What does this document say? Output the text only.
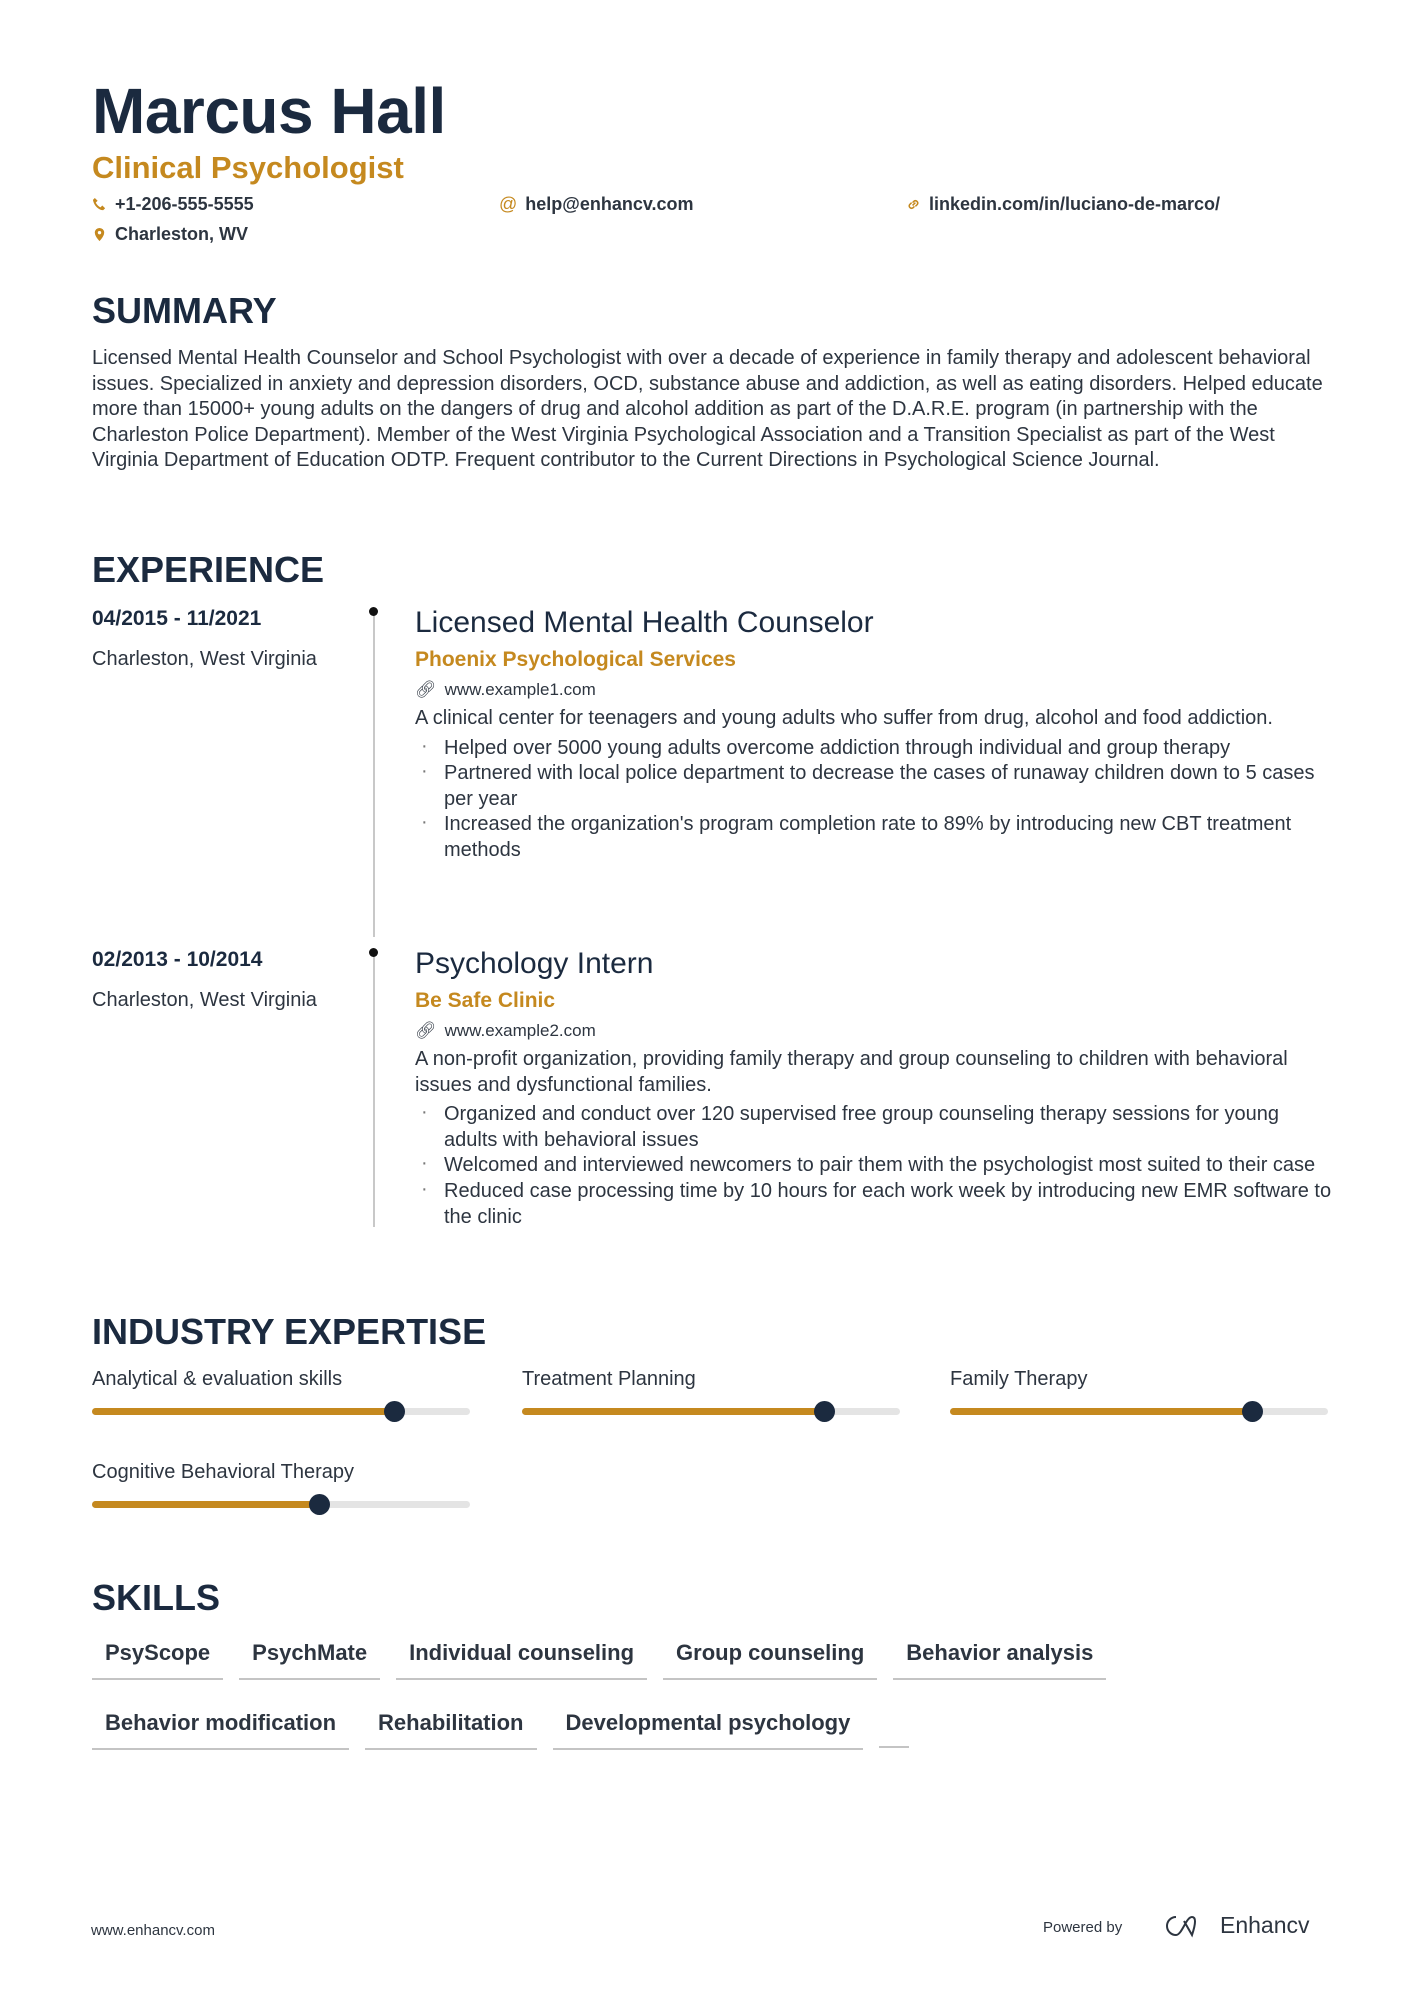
Marcus Hall
Clinical Psychologist
+1-206-555-5555	@ help@enhancv.com	linkedin.com/in/luciano-de-marco/
Charleston, WV
SUMMARY
Licensed Mental Health Counselor and School Psychologist with over a decade of experience in family therapy and adolescent behavioral issues. Specialized in anxiety and depression disorders, OCD, substance abuse and addiction, as well as eating disorders. Helped educate more than 15000+ young adults on the dangers of drug and alcohol addition as part of the D.A.R.E. program (in partnership with the Charleston Police Department). Member of the West Virginia Psychological Association and a Transition Specialist as part of the West Virginia Department of Education ODTP. Frequent contributor to the Current Directions in Psychological Science Journal.
EXPERIENCE
04/2015 - 11/2021
Charleston, West Virginia
Licensed Mental Health Counselor
Phoenix Psychological Services
🔗︎ www.example1.com
A clinical center for teenagers and young adults who suffer from drug, alcohol and food addiction.
· Helped over 5000 young adults overcome addiction through individual and group therapy
· Partnered with local police department to decrease the cases of runaway children down to 5 cases per year
· Increased the organization's program completion rate to 89% by introducing new CBT treatment methods
02/2013 - 10/2014
Charleston, West Virginia
Psychology Intern
Be Safe Clinic
🔗︎ www.example2.com
A non-profit organization, providing family therapy and group counseling to children with behavioral issues and dysfunctional families.
· Organized and conduct over 120 supervised free group counseling therapy sessions for young adults with behavioral issues
· Welcomed and interviewed newcomers to pair them with the psychologist most suited to their case
· Reduced case processing time by 10 hours for each work week by introducing new EMR software to the clinic
INDUSTRY EXPERTISE
Analytical & evaluation skills	Treatment Planning	Family Therapy
Cognitive Behavioral Therapy
SKILLS
PsyScope	PsychMate	Individual counseling	Group counseling	Behavior analysis
Behavior modification	Rehabilitation	Developmental psychology
www.enhancv.com	Powered by	Enhancv
